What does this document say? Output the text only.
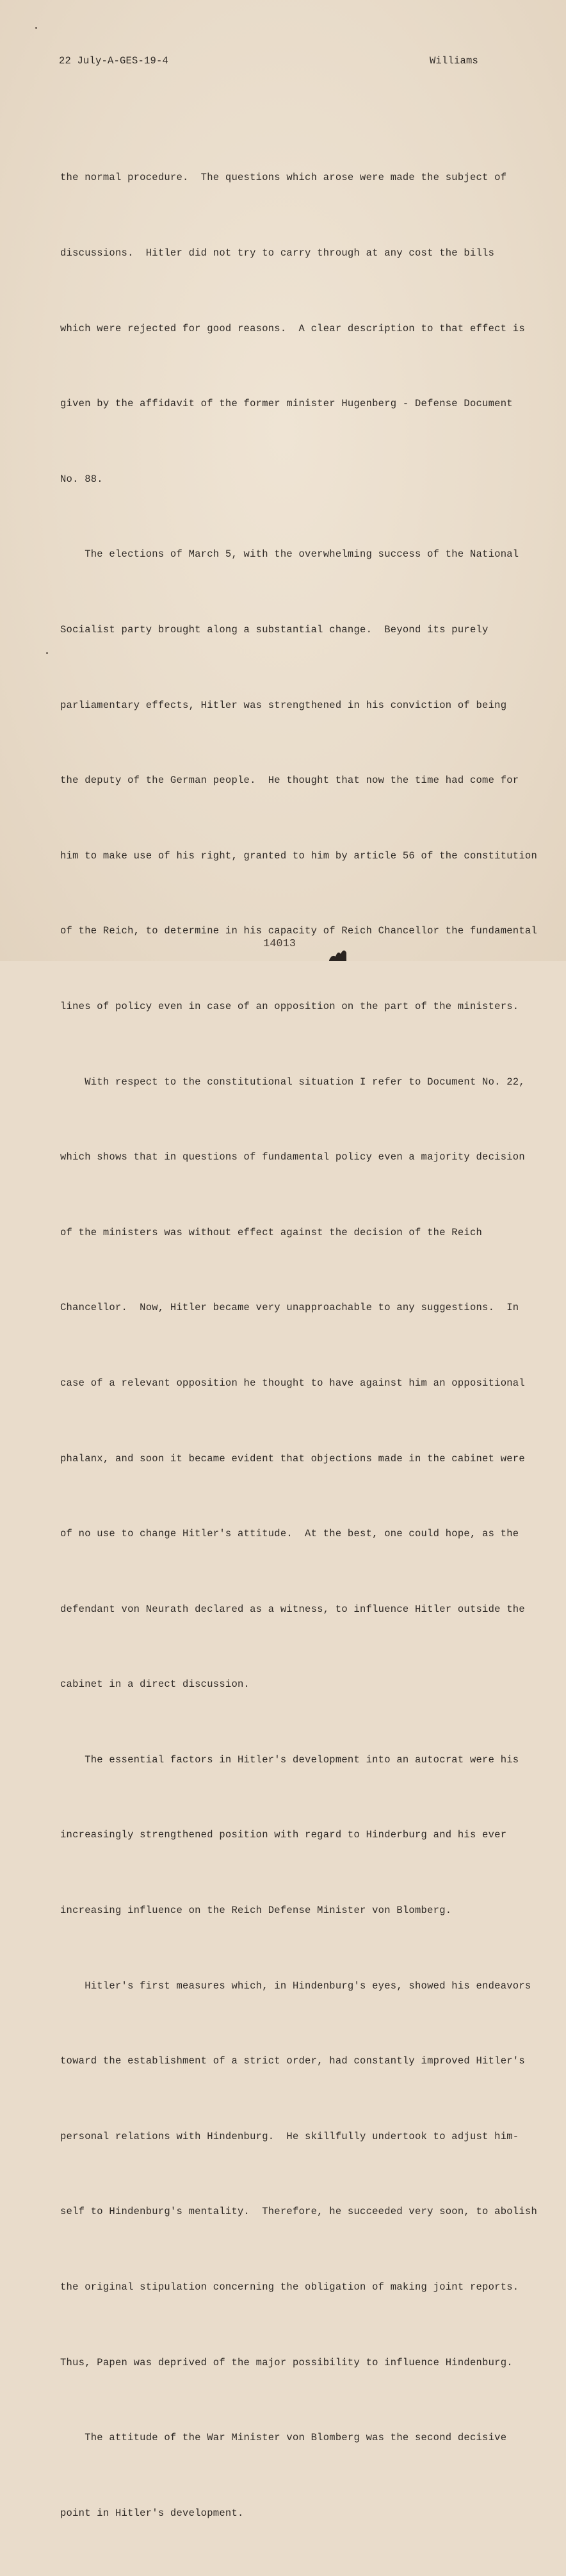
22 July-A-GES-19-4	Williams

the normal procedure.  The questions which arose were made the subject of

discussions.  Hitler did not try to carry through at any cost the bills

which were rejected for good reasons.  A clear description to that effect is

given by the affidavit of the former minister Hugenberg - Defense Document

No. 88.

The elections of March 5, with the overwhelming success of the National

Socialist party brought along a substantial change.  Beyond its purely

parliamentary effects, Hitler was strengthened in his conviction of being

the deputy of the German people.  He thought that now the time had come for

him to make use of his right, granted to him by article 56 of the constitution

of the Reich, to determine in his capacity of Reich Chancellor the fundamental

lines of policy even in case of an opposition on the part of the ministers.

With respect to the constitutional situation I refer to Document No. 22,

which shows that in questions of fundamental policy even a majority decision

of the ministers was without effect against the decision of the Reich

Chancellor.  Now, Hitler became very unapproachable to any suggestions.  In

case of a relevant opposition he thought to have against him an oppositional

phalanx, and soon it became evident that objections made in the cabinet were

of no use to change Hitler's attitude.  At the best, one could hope, as the

defendant von Neurath declared as a witness, to influence Hitler outside the

cabinet in a direct discussion.

The essential factors in Hitler's development into an autocrat were his

increasingly strengthened position with regard to Hinderburg and his ever

increasing influence on the Reich Defense Minister von Blomberg.

Hitler's first measures which, in Hindenburg's eyes, showed his endeavors

toward the establishment of a strict order, had constantly improved Hitler's

personal relations with Hindenburg.  He skillfully undertook to adjust him-

self to Hindenburg's mentality.  Therefore, he succeeded very soon, to abolish

the original stipulation concerning the obligation of making joint reports.

Thus, Papen was deprived of the major possibility to influence Hindenburg.

The attitude of the War Minister von Blomberg was the second decisive

point in Hitler's development.

14013
